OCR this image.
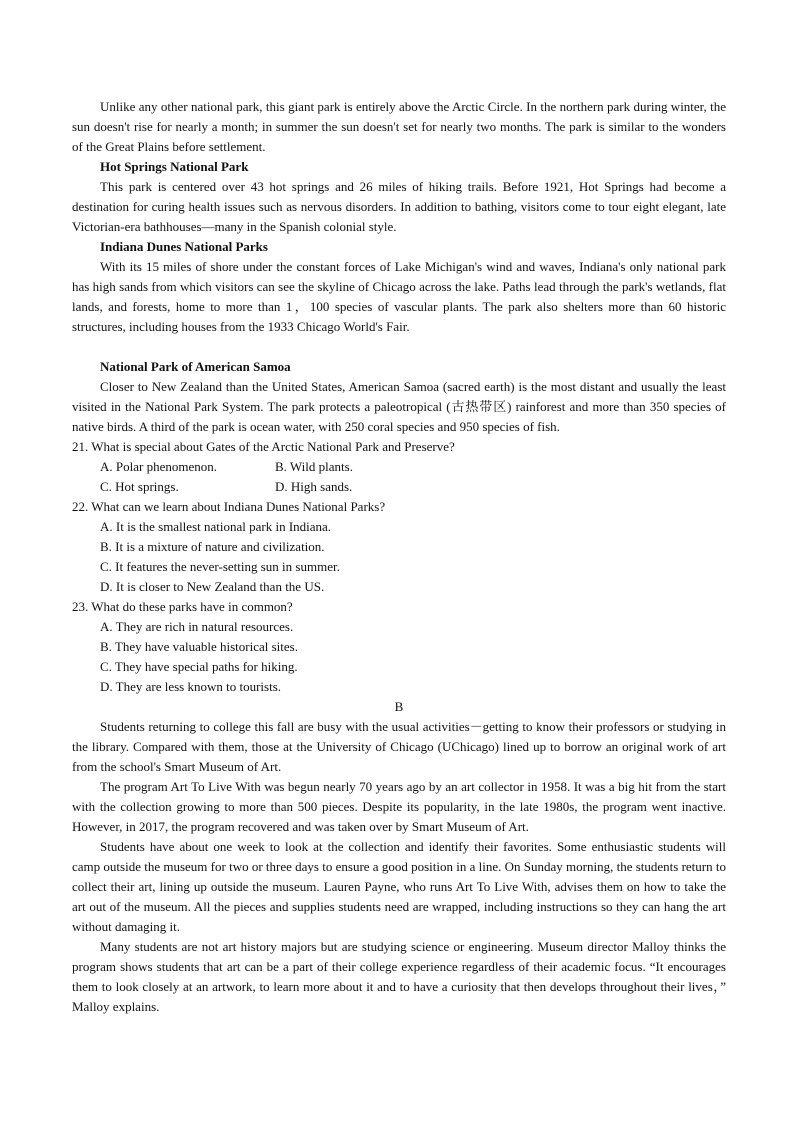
Unlike any other national park, this giant park is entirely above the Arctic Circle. In the northern park during winter, the sun doesn't rise for nearly a month; in summer the sun doesn't set for nearly two months. The park is similar to the wonders of the Great Plains before settlement.

Hot Springs National Park

This park is centered over 43 hot springs and 26 miles of hiking trails. Before 1921, Hot Springs had become a destination for curing health issues such as nervous disorders. In addition to bathing, visitors come to tour eight elegant, late Victorian-era bathhouses—many in the Spanish colonial style.

Indiana Dunes National Parks

With its 15 miles of shore under the constant forces of Lake Michigan's wind and waves, Indiana's only national park has high sands from which visitors can see the skyline of Chicago across the lake. Paths lead through the park's wetlands, flat lands, and forests, home to more than 1，100 species of vascular plants. The park also shelters more than 60 historic structures, including houses from the 1933 Chicago World's Fair.

National Park of American Samoa

Closer to New Zealand than the United States, American Samoa (sacred earth) is the most distant and usually the least visited in the National Park System. The park protects a paleotropical (古热带区) rainforest and more than 350 species of native birds. A third of the park is ocean water, with 250 coral species and 950 species of fish.

21. What is special about Gates of the Arctic National Park and Preserve?
A. Polar phenomenon.	B. Wild plants.
C. Hot springs.	D. High sands.
22. What can we learn about Indiana Dunes National Parks?
A. It is the smallest national park in Indiana.
B. It is a mixture of nature and civilization.
C. It features the never-setting sun in summer.
D. It is closer to New Zealand than the US.
23. What do these parks have in common?
A. They are rich in natural resources.
B. They have valuable historical sites.
C. They have special paths for hiking.
D. They are less known to tourists.
B

Students returning to college this fall are busy with the usual activities－getting to know their professors or studying in the library. Compared with them, those at the University of Chicago (UChicago) lined up to borrow an original work of art from the school's Smart Museum of Art.

The program Art To Live With was begun nearly 70 years ago by an art collector in 1958. It was a big hit from the start with the collection growing to more than 500 pieces. Despite its popularity, in the late 1980s, the program went inactive. However, in 2017, the program recovered and was taken over by Smart Museum of Art.

Students have about one week to look at the collection and identify their favorites. Some enthusiastic students will camp outside the museum for two or three days to ensure a good position in a line. On Sunday morning, the students return to collect their art, lining up outside the museum. Lauren Payne, who runs Art To Live With, advises them on how to take the art out of the museum. All the pieces and supplies students need are wrapped, including instructions so they can hang the art without damaging it.

Many students are not art history majors but are studying science or engineering. Museum director Malloy thinks the program shows students that art can be a part of their college experience regardless of their academic focus. “It encourages them to look closely at an artwork, to learn more about it and to have a curiosity that then develops throughout their lives，” Malloy explains.
